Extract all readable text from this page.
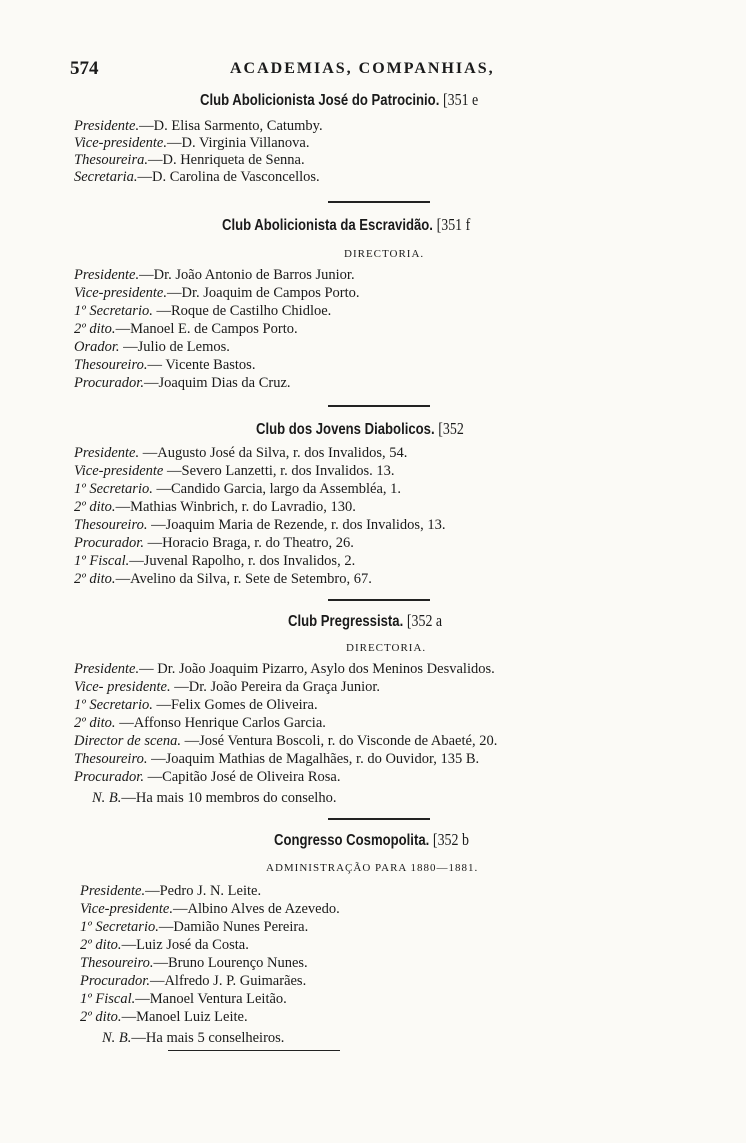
574	ACADEMIAS, COMPANHIAS,
Club Abolicionista José do Patrocinio. [351 e
Presidente.—D. Elisa Sarmento, Catumby.
Vice-presidente.—D. Virginia Villanova.
Thesoureira.—D. Henriqueta de Senna.
Secretaria.—D. Carolina de Vasconcellos.
Club Abolicionista da Escravidão. [351 f
DIRECTORIA.
Presidente.—Dr. João Antonio de Barros Junior.
Vice-presidente.—Dr. Joaquim de Campos Porto.
1º Secretario. —Roque de Castilho Chidloe.
2º dito.—Manoel E. de Campos Porto.
Orador. —Julio de Lemos.
Thesoureiro.— Vicente Bastos.
Procurador.—Joaquim Dias da Cruz.
Club dos Jovens Diabolicos. [352
Presidente. —Augusto José da Silva, r. dos Invalidos, 54.
Vice-presidente —Severo Lanzetti, r. dos Invalidos. 13.
1º Secretario. —Candido Garcia, largo da Assembléa, 1.
2º dito.—Mathias Winbrich, r. do Lavradio, 130.
Thesoureiro. —Joaquim Maria de Rezende, r. dos Invalidos, 13.
Procurador. —Horacio Braga, r. do Theatro, 26.
1º Fiscal.—Juvenal Rapolho, r. dos Invalidos, 2.
2º dito.—Avelino da Silva, r. Sete de Setembro, 67.
Club Pregressista. [352 a
DIRECTORIA.
Presidente.— Dr. João Joaquim Pizarro, Asylo dos Meninos Desvalidos.
Vice- presidente. —Dr. João Pereira da Graça Junior.
1º Secretario. —Felix Gomes de Oliveira.
2º dito. —Affonso Henrique Carlos Garcia.
Director de scena. —José Ventura Boscoli, r. do Visconde de Abaeté, 20.
Thesoureiro. —Joaquim Mathias de Magalhães, r. do Ouvidor, 135 B.
Procurador. —Capitão José de Oliveira Rosa.
N. B.—Ha mais 10 membros do conselho.
Congresso Cosmopolita. [352 b
ADMINISTRAÇÃO PARA 1880—1881.
Presidente.—Pedro J. N. Leite.
Vice-presidente.—Albino Alves de Azevedo.
1º Secretario.—Damião Nunes Pereira.
2º dito.—Luiz José da Costa.
Thesoureiro.—Bruno Lourenço Nunes.
Procurador.—Alfredo J. P. Guimarães.
1º Fiscal.—Manoel Ventura Leitão.
2º dito.—Manoel Luiz Leite.
N. B.—Ha mais 5 conselheiros.
